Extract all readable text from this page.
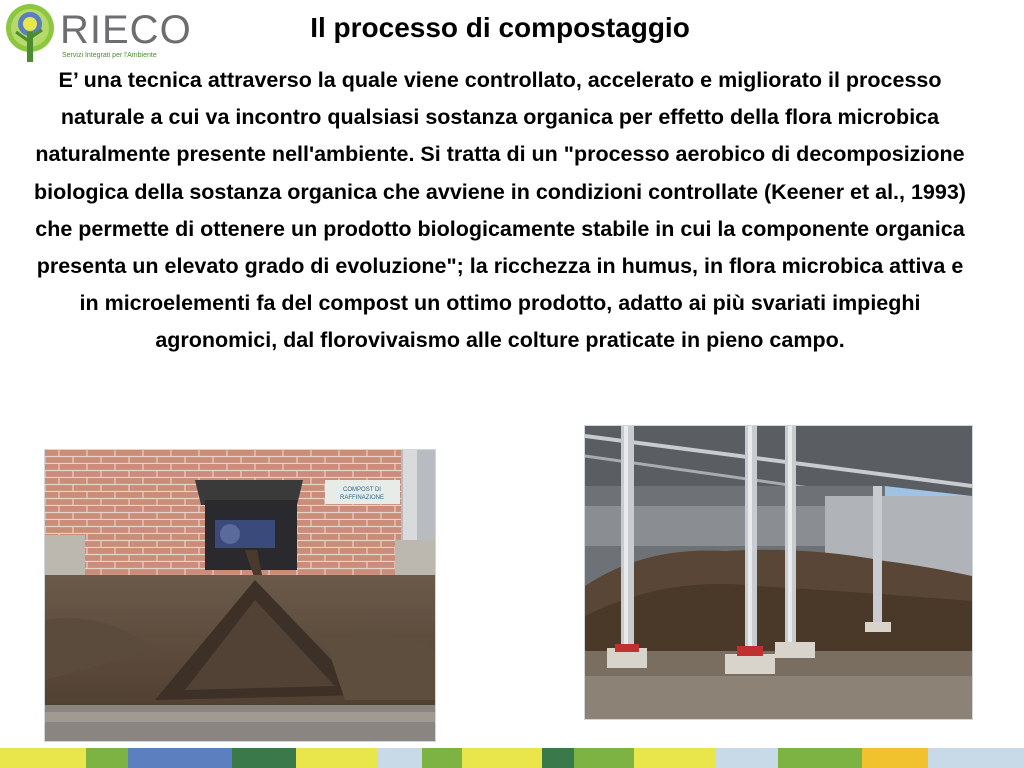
RIECO
Servizi Integrati per l'Ambiente
Il processo di compostaggio
E’ una tecnica attraverso la quale viene controllato, accelerato e migliorato il processo naturale a cui va incontro qualsiasi sostanza organica per effetto della flora microbica naturalmente presente nell'ambiente. Si tratta di un "processo aerobico di decomposizione biologica della sostanza organica che avviene in condizioni controllate (Keener et al., 1993) che permette di ottenere un prodotto biologicamente stabile in cui la componente organica presenta un elevato grado di evoluzione"; la ricchezza in humus, in flora microbica attiva e in microelementi fa del compost un ottimo prodotto, adatto ai più svariati impieghi agronomici, dal florovivaismo alle colture praticate in pieno campo.
COMPOST DI
RAFFINAZIONE
